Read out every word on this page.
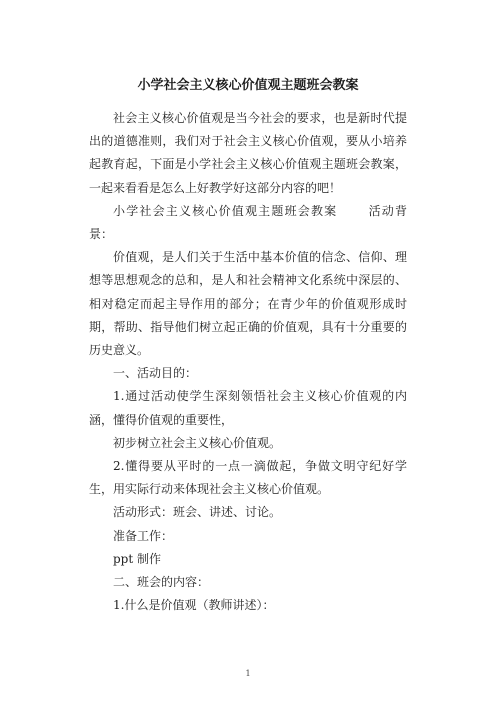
小学社会主义核心价值观主题班会教案

社会主义核心价值观是当今社会的要求，也是新时代提出的道德准则，我们对于社会主义核心价值观，要从小培养起教育起，下面是小学社会主义核心价值观主题班会教案，一起来看看是怎么上好教学好这部分内容的吧！

小学社会主义核心价值观主题班会教案	活动背景：

价值观，是人们关于生活中基本价值的信念、信仰、理想等思想观念的总和，是人和社会精神文化系统中深层的、相对稳定而起主导作用的部分；在青少年的价值观形成时期，帮助、指导他们树立起正确的价值观，具有十分重要的历史意义。

一、活动目的：

1.通过活动使学生深刻领悟社会主义核心价值观的内涵，懂得价值观的重要性，

初步树立社会主义核心价值观。

2.懂得要从平时的一点一滴做起，争做文明守纪好学生，用实际行动来体现社会主义核心价值观。

活动形式：班会、讲述、讨论。

准备工作：

ppt 制作

二、班会的内容：

1.什么是价值观（教师讲述）：

1
